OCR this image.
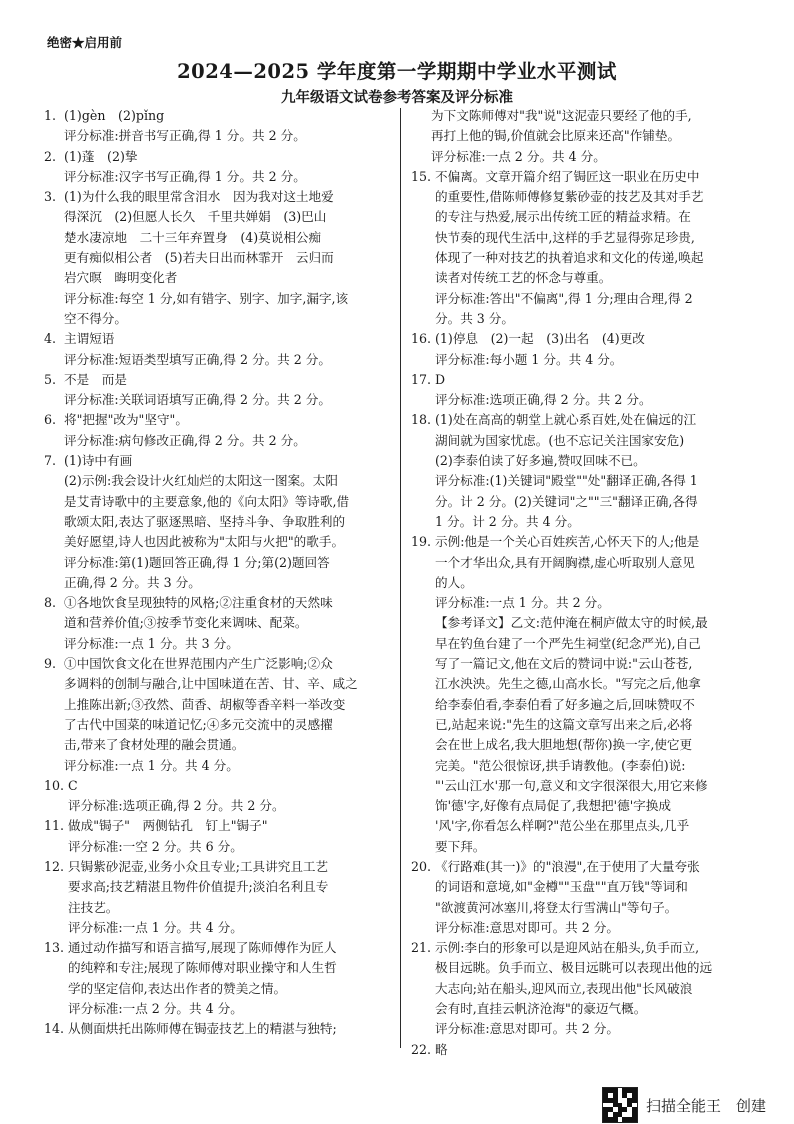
绝密★启用前
2024—2025 学年度第一学期期中学业水平测试
九年级语文试卷参考答案及评分标准
1. (1)gèn　(2)pǐng
评分标准:拼音书写正确,得 1 分。共 2 分。
2. (1)蓬　(2)挚
评分标准:汉字书写正确,得 1 分。共 2 分。
3. (1)为什么我的眼里常含泪水　因为我对这土地爱
得深沉　(2)但愿人长久　千里共婵娟　(3)巴山
楚水凄凉地　二十三年弃置身　(4)莫说相公痴
更有痴似相公者　(5)若夫日出而林霏开　云归而
岩穴暝　晦明变化者
评分标准:每空 1 分,如有错字、别字、加字,漏字,该
空不得分。
4. 主谓短语
评分标准:短语类型填写正确,得 2 分。共 2 分。
5. 不是　而是
评分标准:关联词语填写正确,得 2 分。共 2 分。
6. 将"把握"改为"坚守"。
评分标准:病句修改正确,得 2 分。共 2 分。
7. (1)诗中有画
(2)示例:我会设计火红灿烂的太阳这一图案。太阳
是艾青诗歌中的主要意象,他的《向太阳》等诗歌,借
歌颂太阳,表达了驱逐黑暗、坚持斗争、争取胜利的
美好愿望,诗人也因此被称为"太阳与火把"的歌手。
评分标准:第(1)题回答正确,得 1 分;第(2)题回答
正确,得 2 分。共 3 分。
8. ①各地饮食呈现独特的风格;②注重食材的天然味
道和营养价值;③按季节变化来调味、配菜。
评分标准:一点 1 分。共 3 分。
9. ①中国饮食文化在世界范围内产生广泛影响;②众
多调料的创制与融合,让中国味道在苦、甘、辛、咸之
上推陈出新;③孜然、茴香、胡椒等香辛料一举改变
了古代中国菜的味道记忆;④多元交流中的灵感擢
击,带来了食材处理的融会贯通。
评分标准:一点 1 分。共 4 分。
10. C
评分标准:选项正确,得 2 分。共 2 分。
11. 做成"锔子"　两侧钻孔　钉上"锔子"
评分标准:一空 2 分。共 6 分。
12. 只锔紫砂泥壶,业务小众且专业;工具讲究且工艺
要求高;技艺精湛且物件价值提升;淡泊名利且专
注技艺。
评分标准:一点 1 分。共 4 分。
13. 通过动作描写和语言描写,展现了陈师傅作为匠人
的纯粹和专注;展现了陈师傅对职业操守和人生哲
学的坚定信仰,表达出作者的赞美之情。
评分标准:一点 2 分。共 4 分。
14. 从侧面烘托出陈师傅在锔壶技艺上的精湛与独特;
为下文陈师傅对"我"说"这泥壶只要经了他的手,
再打上他的锔,价值就会比原来还高"作铺垫。
评分标准:一点 2 分。共 4 分。
15. 不偏离。文章开篇介绍了锔匠这一职业在历史中
的重要性,借陈师傅修复紫砂壶的技艺及其对手艺
的专注与热爱,展示出传统工匠的精益求精。在
快节奏的现代生活中,这样的手艺显得弥足珍贵,
体现了一种对技艺的执着追求和文化的传递,唤起
读者对传统工艺的怀念与尊重。
评分标准:答出"不偏离",得 1 分;理由合理,得 2
分。共 3 分。
16. (1)停息　(2)一起　(3)出名　(4)更改
评分标准:每小题 1 分。共 4 分。
17. D
评分标准:选项正确,得 2 分。共 2 分。
18. (1)处在高高的朝堂上就心系百姓,处在偏远的江
湖间就为国家忧虑。(也不忘记关注国家安危)
(2)李泰伯读了好多遍,赞叹回味不已。
评分标准:(1)关键词"殿堂""处"翻译正确,各得 1
分。计 2 分。(2)关键词"之""三"翻译正确,各得
1 分。计 2 分。共 4 分。
19. 示例:他是一个关心百姓疾苦,心怀天下的人;他是
一个才华出众,具有开阔胸襟,虚心听取别人意见
的人。
评分标准:一点 1 分。共 2 分。
【参考译文】乙文:范仲淹在桐庐做太守的时候,最
早在钓鱼台建了一个严先生祠堂(纪念严光),自己
写了一篇记文,他在文后的赞词中说:"云山苍苍,
江水泱泱。先生之德,山高水长。"写完之后,他拿
给李泰伯看,李泰伯看了好多遍之后,回味赞叹不
已,站起来说:"先生的这篇文章写出来之后,必将
会在世上成名,我大胆地想(帮你)换一字,使它更
完美。"范公很惊讶,拱手请教他。(李泰伯)说:
"'云山江水'那一句,意义和文字很深很大,用它来修
饰'德'字,好像有点局促了,我想把'德'字换成
'风'字,你看怎么样啊?"范公坐在那里点头,几乎
要下拜。
20. 《行路难(其一)》的"浪漫",在于使用了大量夸张
的词语和意境,如"金樽""玉盘""直万钱"等词和
"欲渡黄河冰塞川,将登太行雪满山"等句子。
评分标准:意思对即可。共 2 分。
21. 示例:李白的形象可以是迎风站在船头,负手而立,
极目远眺。负手而立、极目远眺可以表现出他的远
大志向;站在船头,迎风而立,表现出他"长风破浪
会有时,直挂云帆济沧海"的豪迈气概。
评分标准:意思对即可。共 2 分。
22. 略
扫描全能王　创建
